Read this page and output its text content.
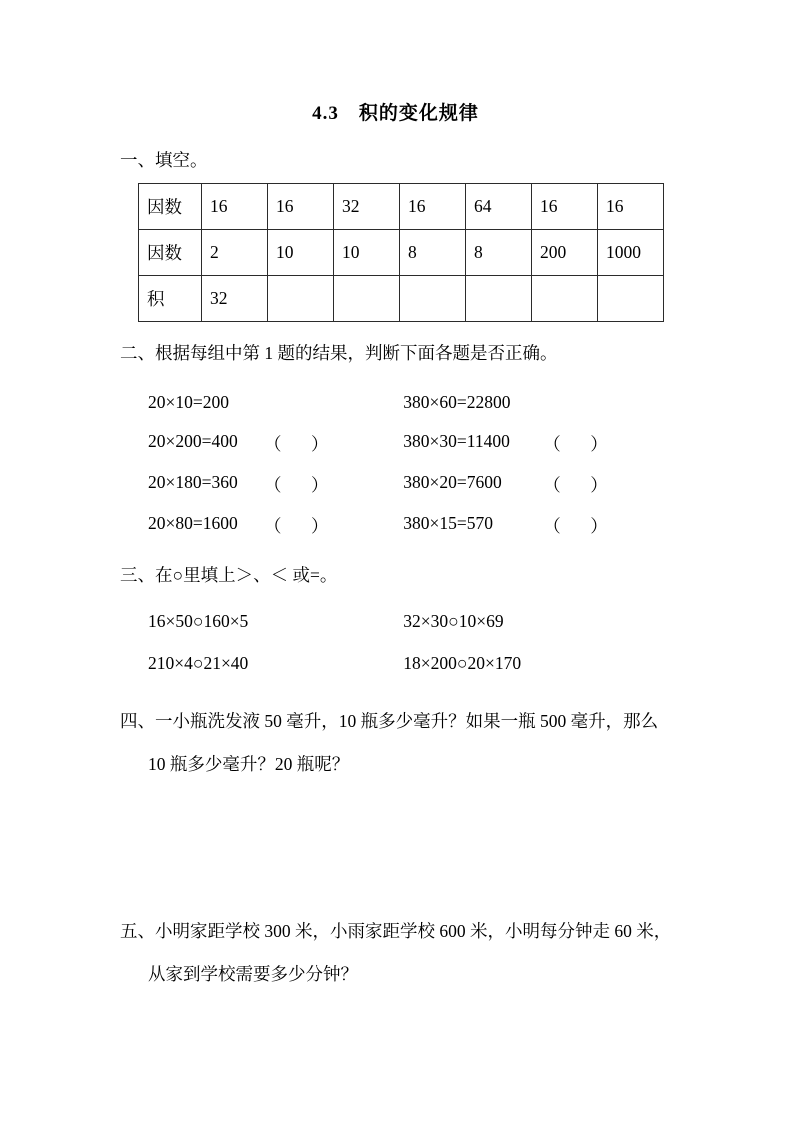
4.3　积的变化规律

一、填空。

因数	16	16	32	16	64	16	16
因数	2	10	10	8	8	200	1000
积	32						

二、根据每组中第 1 题的结果，判断下面各题是否正确。

20×10=200	380×60=22800
20×200=400	（　）	380×30=11400	（　）
20×180=360	（　）	380×20=7600	（　）
20×80=1600	（　）	380×15=570	（　）

三、在○里填上＞、＜ 或=。

16×50○160×5	32×30○10×69
210×4○21×40	18×200○20×170

四、一小瓶洗发液 50 毫升，10 瓶多少毫升？如果一瓶 500 毫升，那么 10 瓶多少毫升？20 瓶呢？

五、小明家距学校 300 米，小雨家距学校 600 米，小明每分钟走 60 米，从家到学校需要多少分钟？
